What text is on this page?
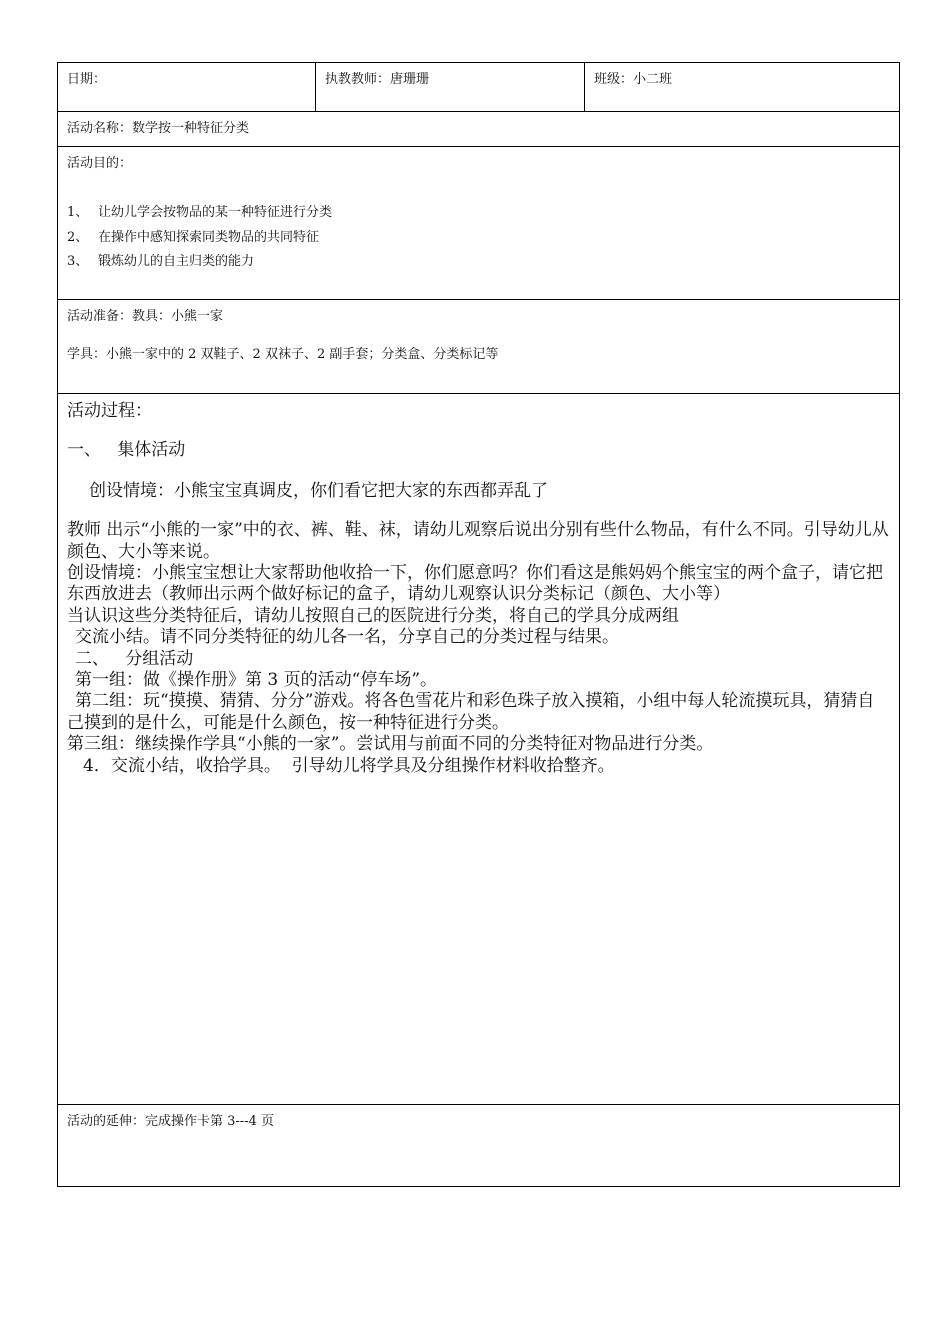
日期：	执教教师：唐珊珊	班级：小二班
活动名称：数学按一种特征分类
活动目的：
1、 让幼儿学会按物品的某一种特征进行分类
2、 在操作中感知探索同类物品的共同特征
3、 锻炼幼儿的自主归类的能力
活动准备：教具：小熊一家
学具：小熊一家中的 2 双鞋子、2 双袜子、2 副手套；分类盒、分类标记等
活动过程：
一、   集体活动
创设情境：小熊宝宝真调皮，你们看它把大家的东西都弄乱了
教师 出示“小熊的一家”中的衣、裤、鞋、袜，请幼儿观察后说出分别有些什么物品，有什么不同。引导幼儿从颜色、大小等来说。
创设情境：小熊宝宝想让大家帮助他收拾一下，你们愿意吗？你们看这是熊妈妈个熊宝宝的两个盒子，请它把东西放进去（教师出示两个做好标记的盒子，请幼儿观察认识分类标记（颜色、大小等）
当认识这些分类特征后，请幼儿按照自己的医院进行分类，将自己的学具分成两组
交流小结。请不同分类特征的幼儿各一名，分享自己的分类过程与结果。
二、   分组活动
第一组：做《操作册》第 3 页的活动“停车场”。
第二组：玩“摸摸、猜猜、分分”游戏。将各色雪花片和彩色珠子放入摸箱，小组中每人轮流摸玩具，猜猜自己摸到的是什么，可能是什么颜色，按一种特征进行分类。
第三组：继续操作学具“小熊的一家”。尝试用与前面不同的分类特征对物品进行分类。
4．交流小结，收拾学具。  引导幼儿将学具及分组操作材料收拾整齐。
活动的延伸：完成操作卡第 3---4 页
